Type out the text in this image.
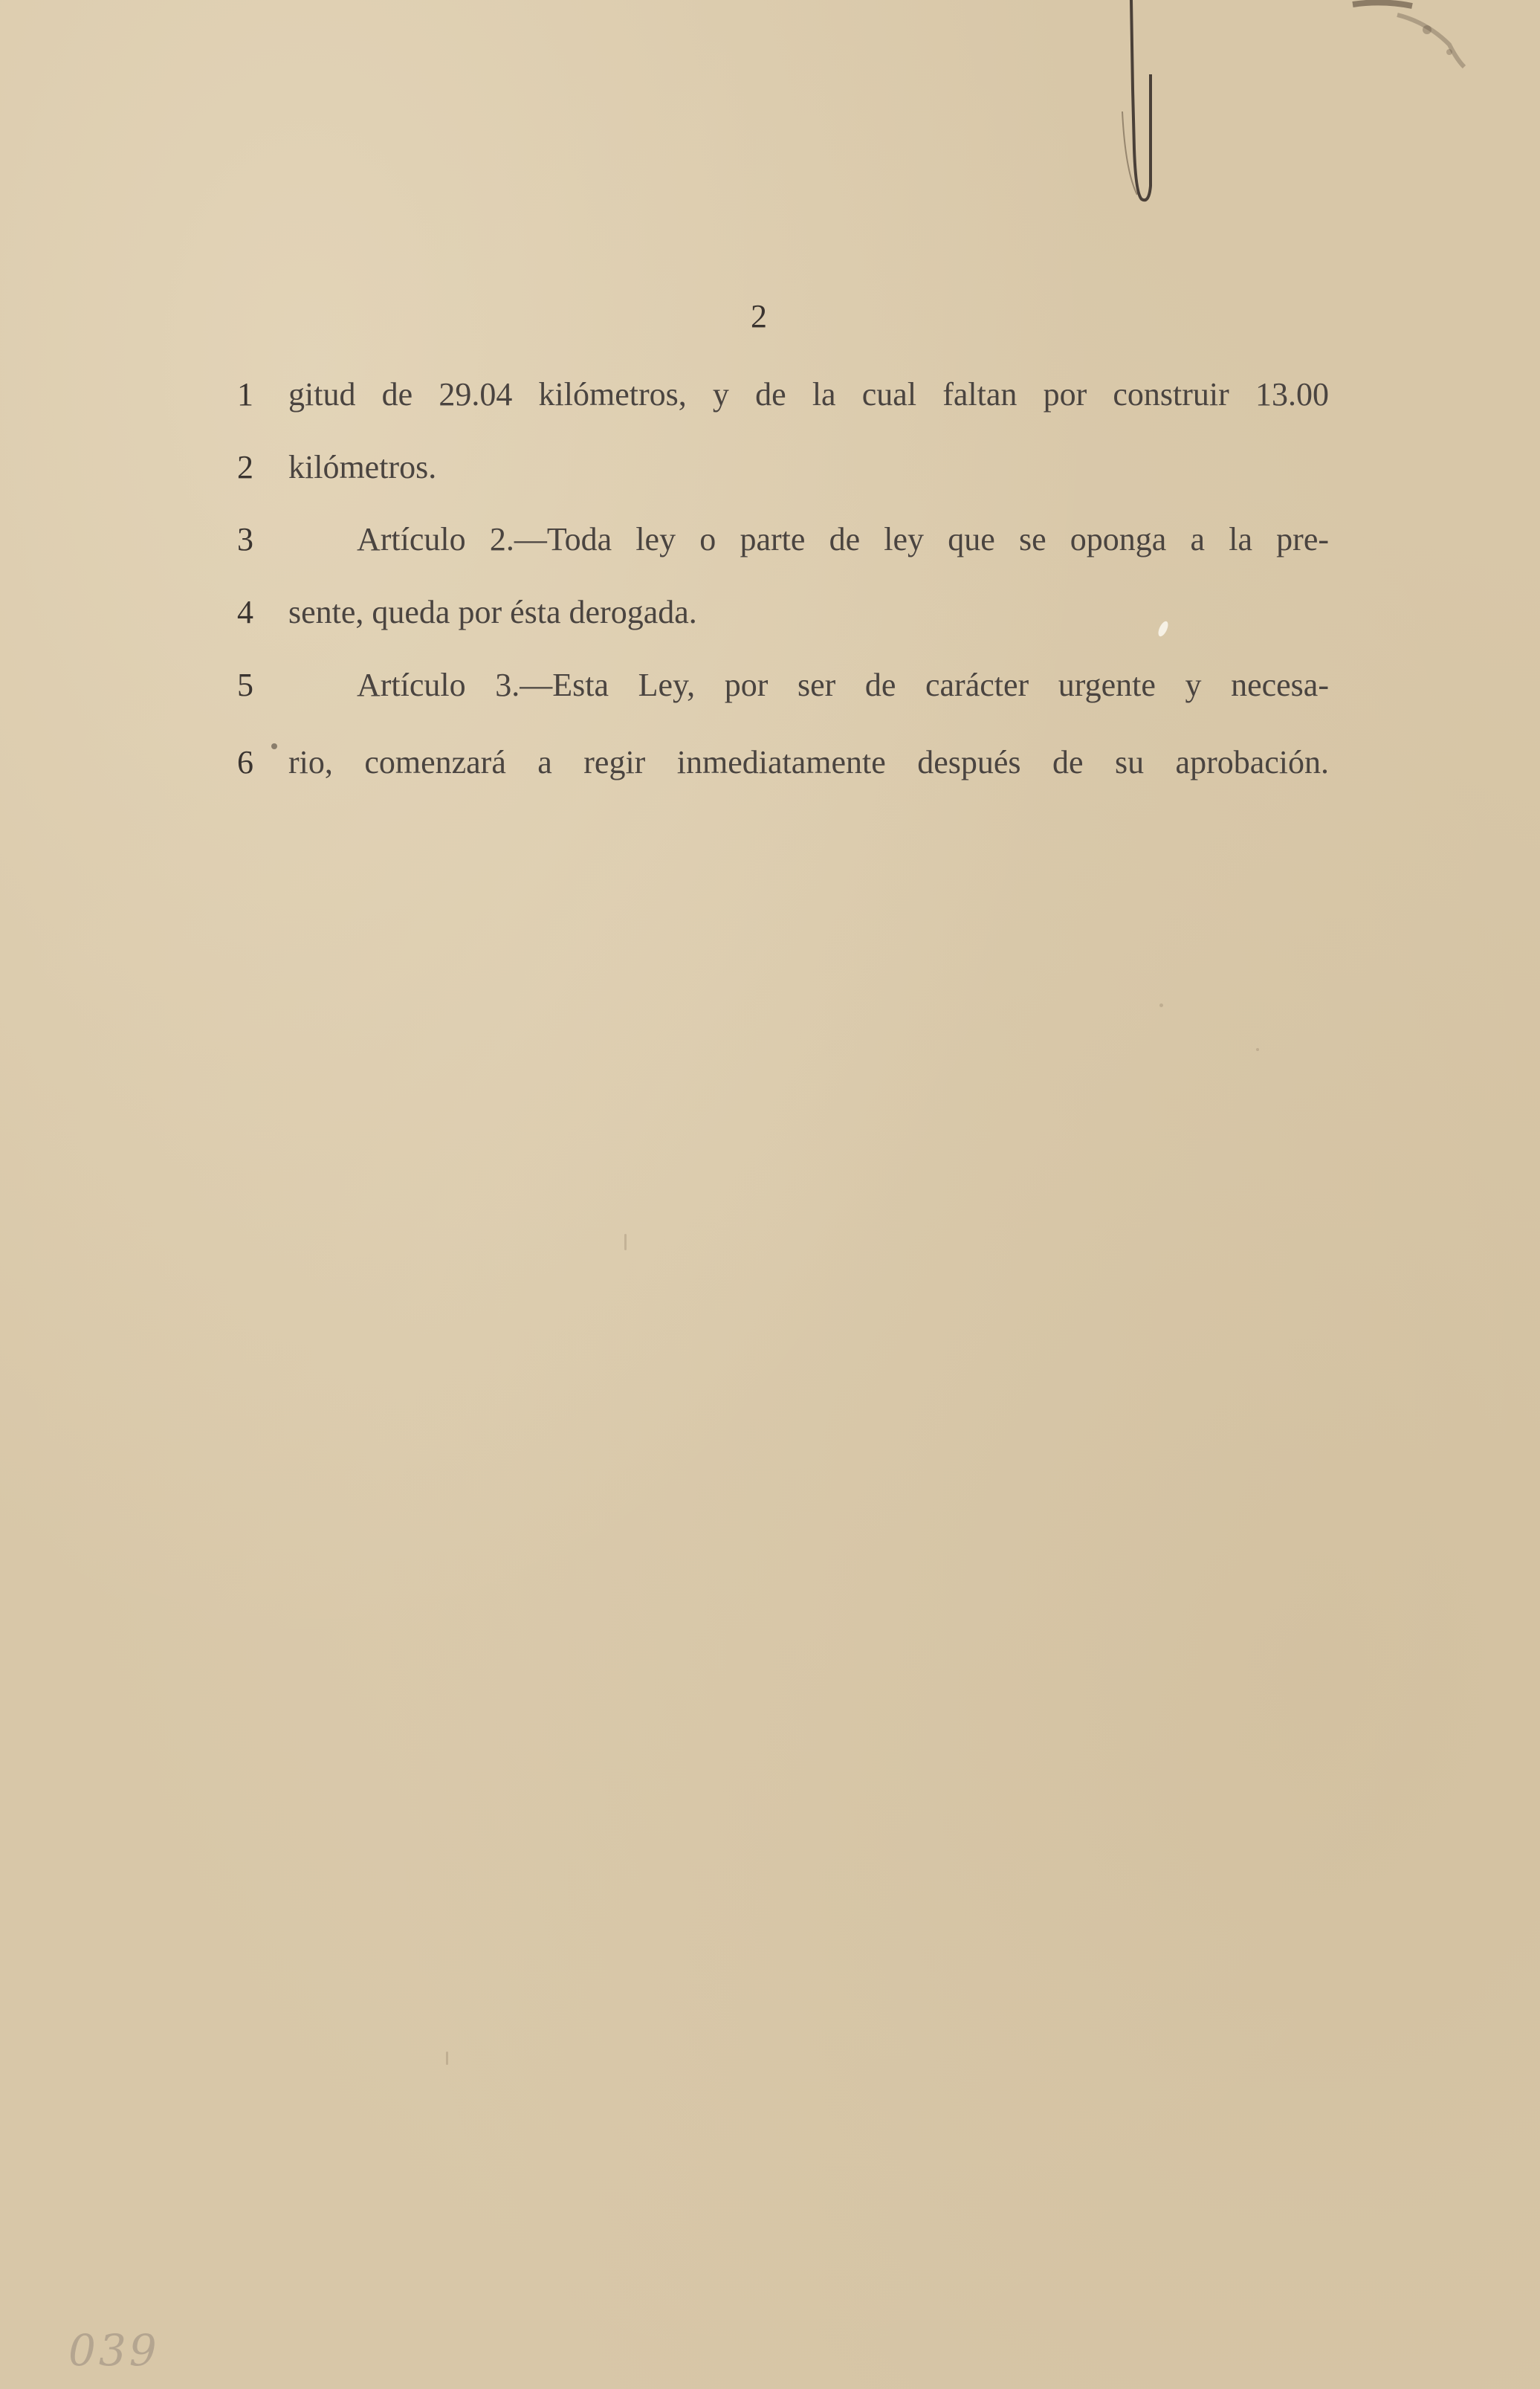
2
1 gitud de 29.04 kilómetros, y de la cual faltan por construir 13.00
2 kilómetros.
3	Artículo 2.—Toda ley o parte de ley que se oponga a la pre-
4 sente, queda por ésta derogada.
5	Artículo 3.—Esta Ley, por ser de carácter urgente y necesa-
6 rio, comenzará a regir inmediatamente después de su aprobación.
039
